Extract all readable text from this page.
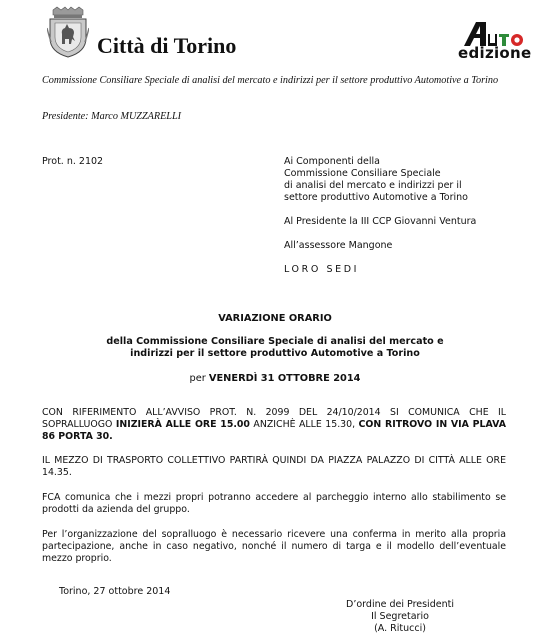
Città di Torino	edizione
Commissione Consiliare Speciale di analisi del mercato e indirizzi per il settore produttivo Automotive a Torino
Presidente: Marco MUZZARELLI
Prot. n. 2102	Ai Componenti della
Commissione Consiliare Speciale
di analisi del mercato e indirizzi per il
settore produttivo Automotive a Torino
Al Presidente la III CCP Giovanni Ventura
All’assessore Mangone
LORO SEDI
VARIAZIONE ORARIO
della Commissione Consiliare Speciale di analisi del mercato e
indirizzi per il settore produttivo Automotive a Torino
per VENERDÌ 31 OTTOBRE 2014
CON RIFERIMENTO ALL’AVVISO PROT. N. 2099 DEL 24/10/2014 SI COMUNICA CHE IL SOPRALLUOGO INIZIERÀ ALLE ORE 15.00 ANZICHÈ ALLE 15.30, CON RITROVO IN VIA PLAVA 86 PORTA 30.
IL MEZZO DI TRASPORTO COLLETTIVO PARTIRÀ QUINDI DA PIAZZA PALAZZO DI CITTÀ ALLE ORE 14.35.
FCA comunica che i mezzi propri potranno accedere al parcheggio interno allo stabilimento se prodotti da azienda del gruppo.
Per l’organizzazione del sopralluogo è necessario ricevere una conferma in merito alla propria partecipazione, anche in caso negativo, nonché il numero di targa e il modello dell’eventuale mezzo proprio.
Torino, 27 ottobre 2014
D’ordine dei Presidenti
Il Segretario
(A. Ritucci)
